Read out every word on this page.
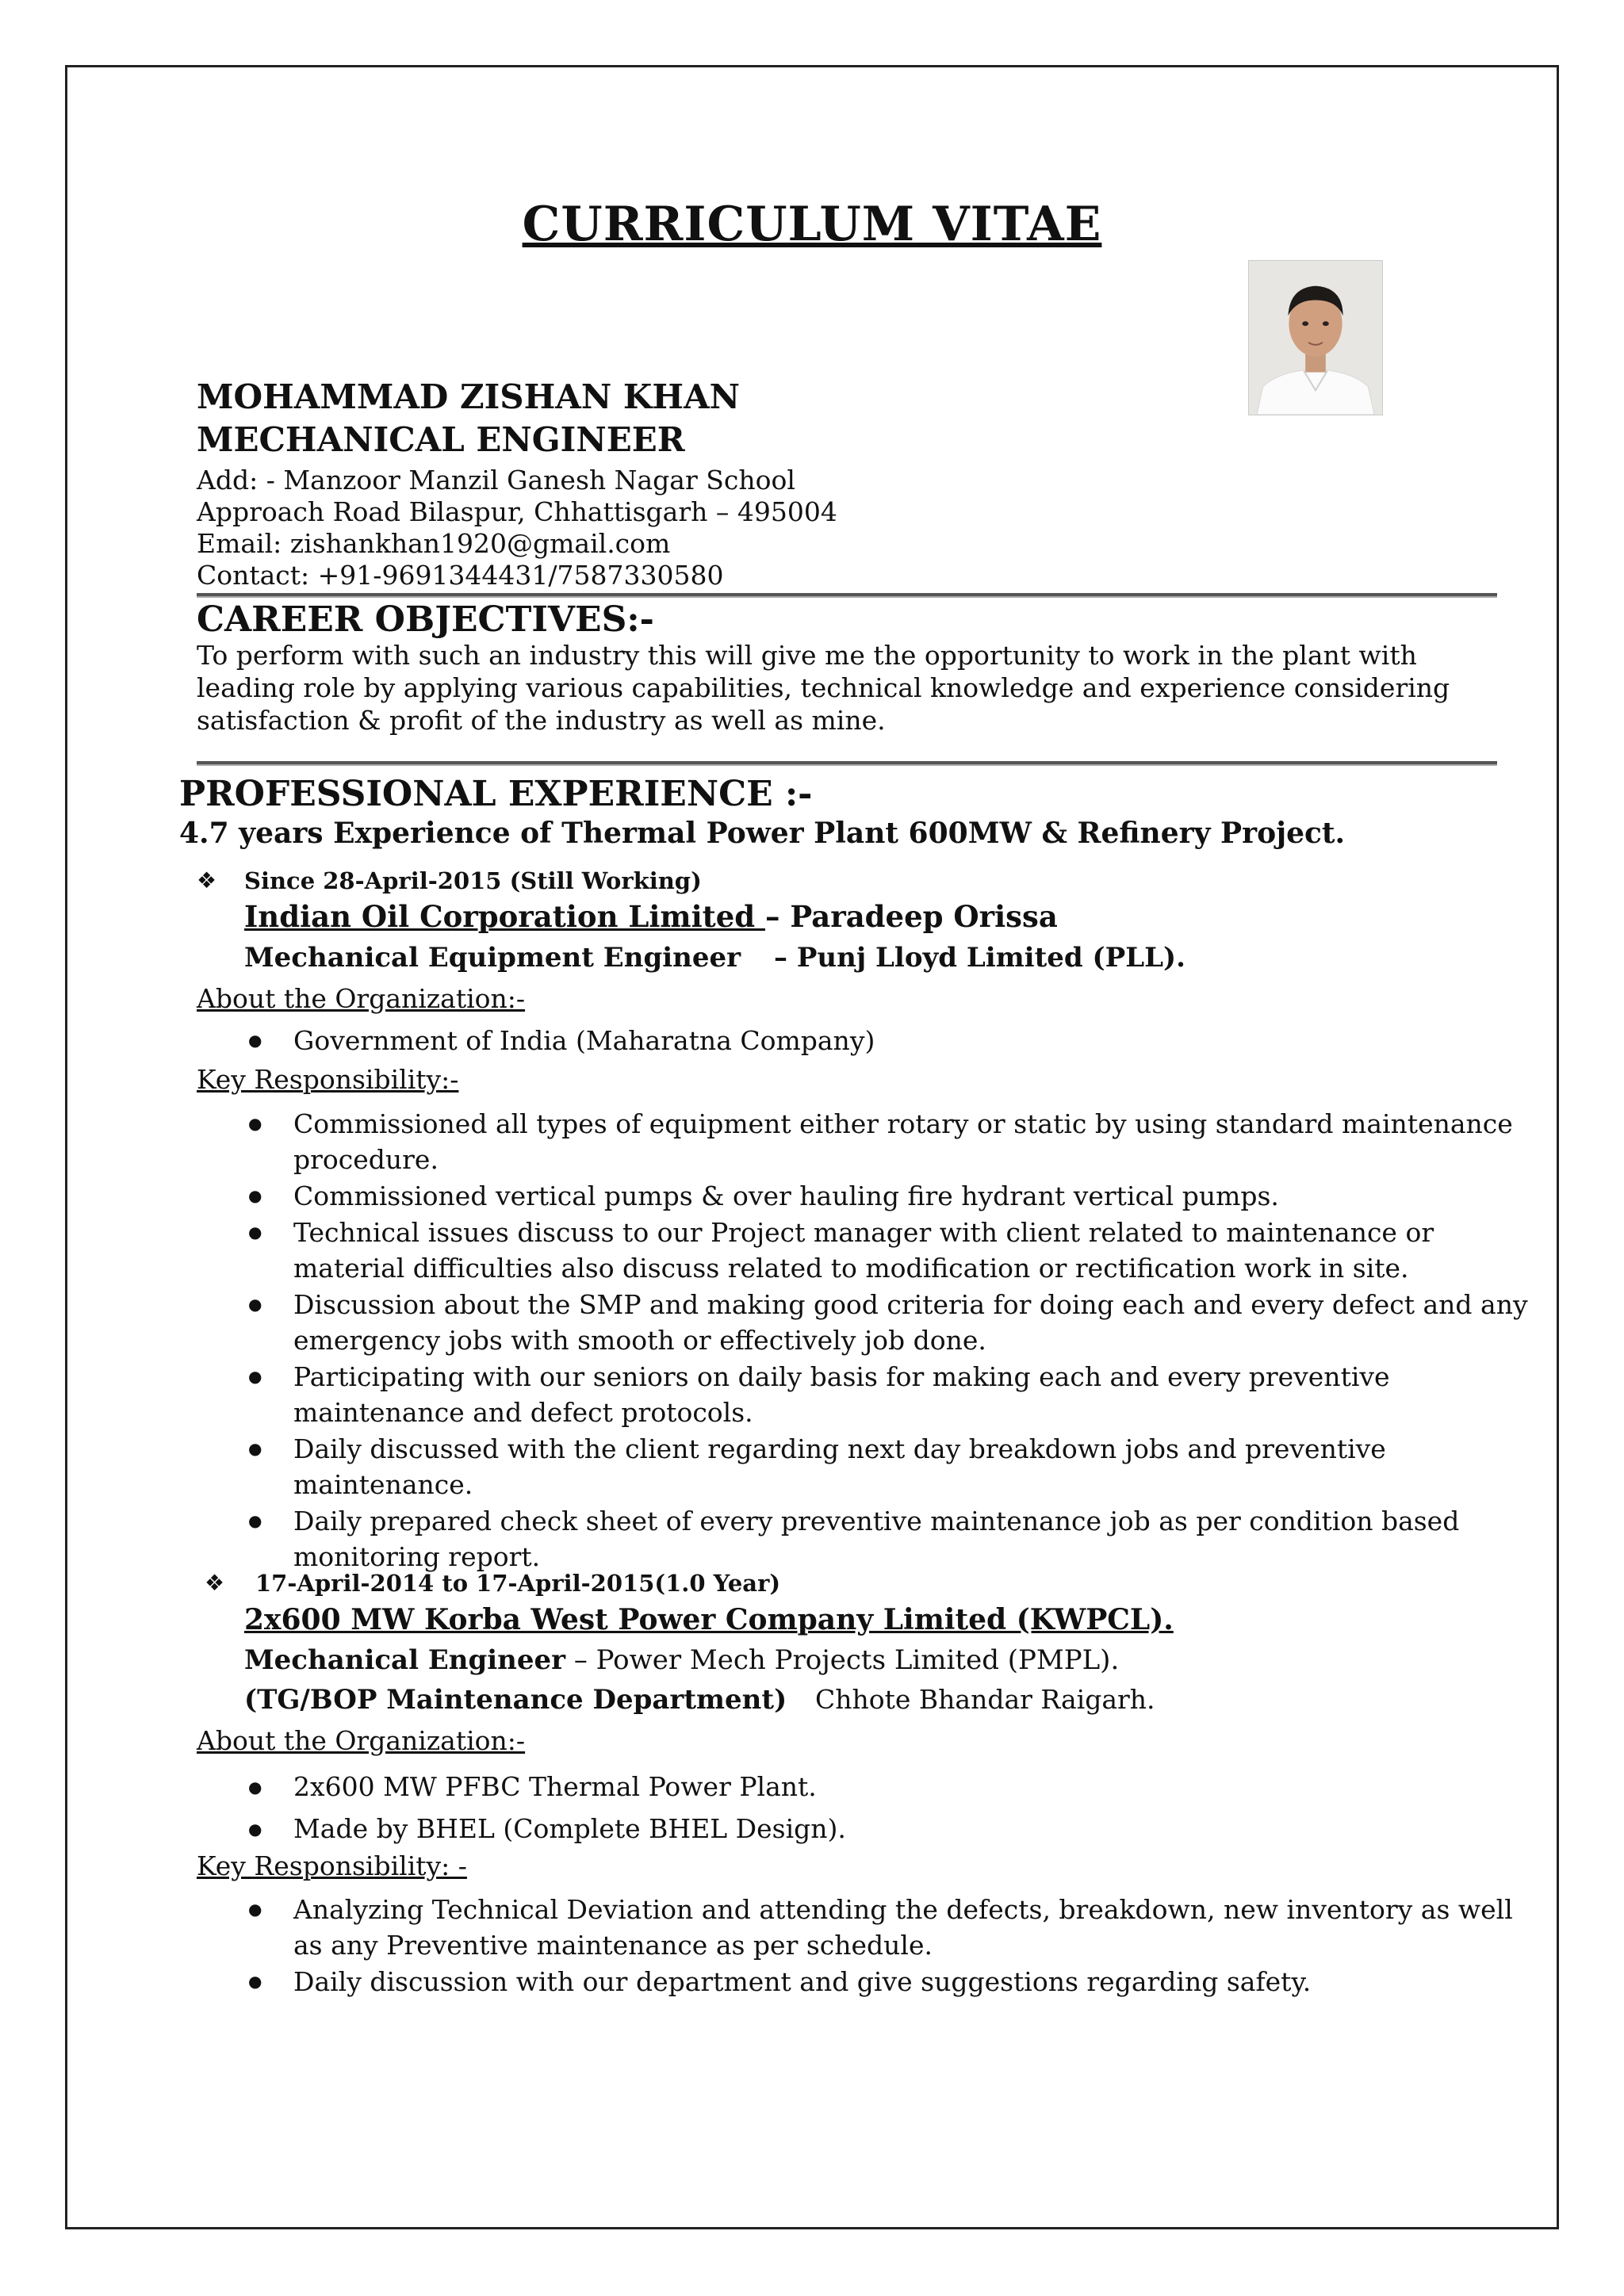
CURRICULUM VITAE
MOHAMMAD ZISHAN KHAN
MECHANICAL ENGINEER
Add: - Manzoor Manzil Ganesh Nagar School
Approach Road Bilaspur, Chhattisgarh – 495004
Email: zishankhan1920@gmail.com
Contact: +91-9691344431/7587330580
CAREER OBJECTIVES:-
To perform with such an industry this will give me the opportunity to work in the plant with
leading role by applying various capabilities, technical knowledge and experience considering
satisfaction & profit of the industry as well as mine.
PROFESSIONAL EXPERIENCE :-
4.7 years Experience of Thermal Power Plant 600MW & Refinery Project.
❖ Since 28-April-2015 (Still Working)
Indian Oil Corporation Limited – Paradeep Orissa
Mechanical Equipment Engineer – Punj Lloyd Limited (PLL).
About the Organization:-
● Government of India (Maharatna Company)
Key Responsibility:-
● Commissioned all types of equipment either rotary or static by using standard maintenance procedure.
● Commissioned vertical pumps & over hauling fire hydrant vertical pumps.
● Technical issues discuss to our Project manager with client related to maintenance or material difficulties also discuss related to modification or rectification work in site.
● Discussion about the SMP and making good criteria for doing each and every defect and any emergency jobs with smooth or effectively job done.
● Participating with our seniors on daily basis for making each and every preventive maintenance and defect protocols.
● Daily discussed with the client regarding next day breakdown jobs and preventive maintenance.
● Daily prepared check sheet of every preventive maintenance job as per condition based monitoring report.
❖ 17-April-2014 to 17-April-2015(1.0 Year)
2x600 MW Korba West Power Company Limited (KWPCL).
Mechanical Engineer – Power Mech Projects Limited (PMPL).
(TG/BOP Maintenance Department) Chhote Bhandar Raigarh.
About the Organization:-
● 2x600 MW PFBC Thermal Power Plant.
● Made by BHEL (Complete BHEL Design).
Key Responsibility: -
● Analyzing Technical Deviation and attending the defects, breakdown, new inventory as well as any Preventive maintenance as per schedule.
● Daily discussion with our department and give suggestions regarding safety.
